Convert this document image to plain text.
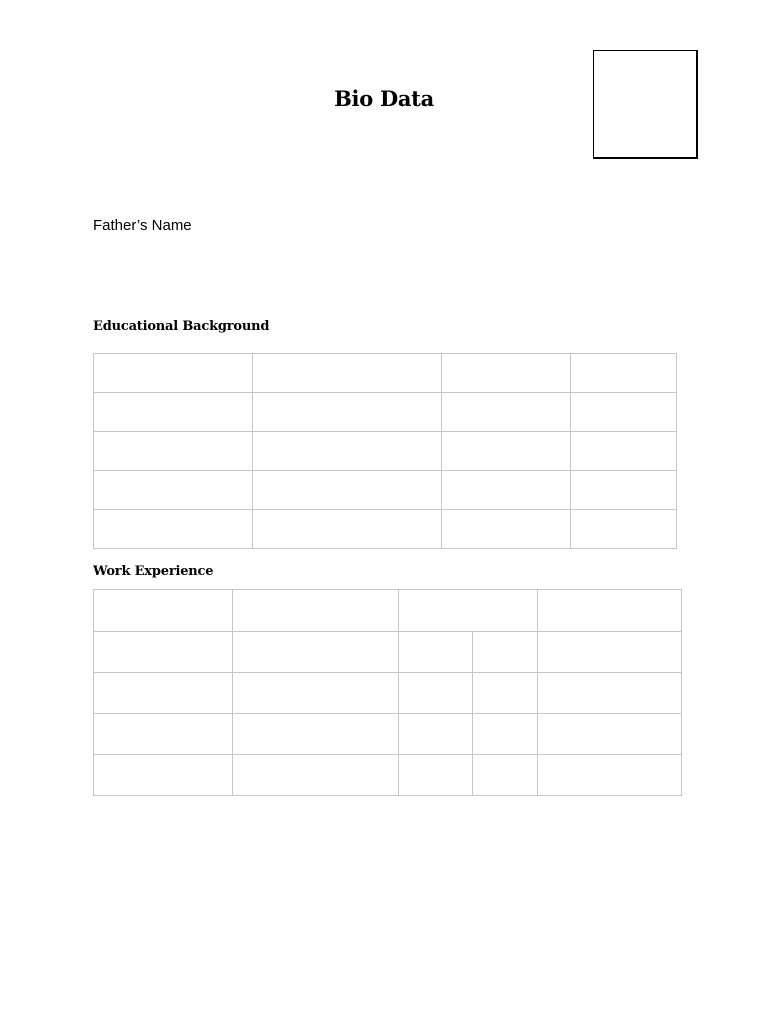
Bio Data
Father’s Name
Educational Background

Work Experience
